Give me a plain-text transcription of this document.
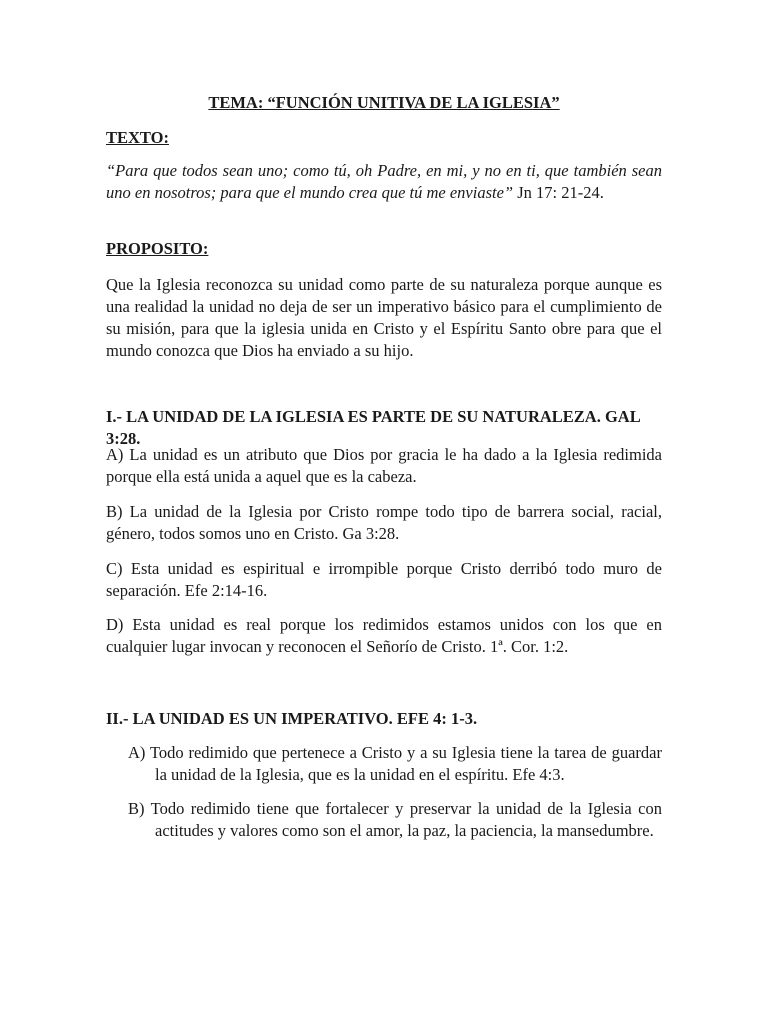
TEMA: “FUNCIÓN UNITIVA DE LA IGLESIA”

TEXTO:

“Para que todos sean uno; como tú, oh Padre, en mi, y no en ti, que también sean uno en nosotros; para que el mundo crea que tú me enviaste” Jn 17: 21-24.

PROPOSITO:

Que la Iglesia reconozca su unidad como parte de su naturaleza porque aunque es una realidad la unidad no deja de ser un imperativo básico para el cumplimiento de su misión, para que la iglesia unida en Cristo y el Espíritu Santo obre para que el mundo conozca que Dios ha enviado a su hijo.

I.- LA UNIDAD DE LA IGLESIA ES PARTE DE SU NATURALEZA. GAL 3:28.

A) La unidad es un atributo que Dios por gracia le ha dado a la Iglesia redimida porque ella está unida a aquel que es la cabeza.

B) La unidad de la Iglesia por Cristo rompe todo tipo de barrera social, racial, género, todos somos uno en Cristo. Ga 3:28.

C) Esta unidad es espiritual e irrompible porque Cristo derribó todo muro de separación. Efe 2:14-16.

D) Esta unidad es real porque los redimidos estamos unidos con los que en cualquier lugar invocan y reconocen el Señorío de Cristo. 1ª. Cor. 1:2.

II.- LA UNIDAD ES UN IMPERATIVO. EFE 4: 1-3.

A) Todo redimido que pertenece a Cristo y a su Iglesia tiene la tarea de guardar la unidad de la Iglesia, que es la unidad en el espíritu. Efe 4:3.

B) Todo redimido tiene que fortalecer y preservar la unidad de la Iglesia con actitudes y valores como son el amor, la paz, la paciencia, la mansedumbre.
